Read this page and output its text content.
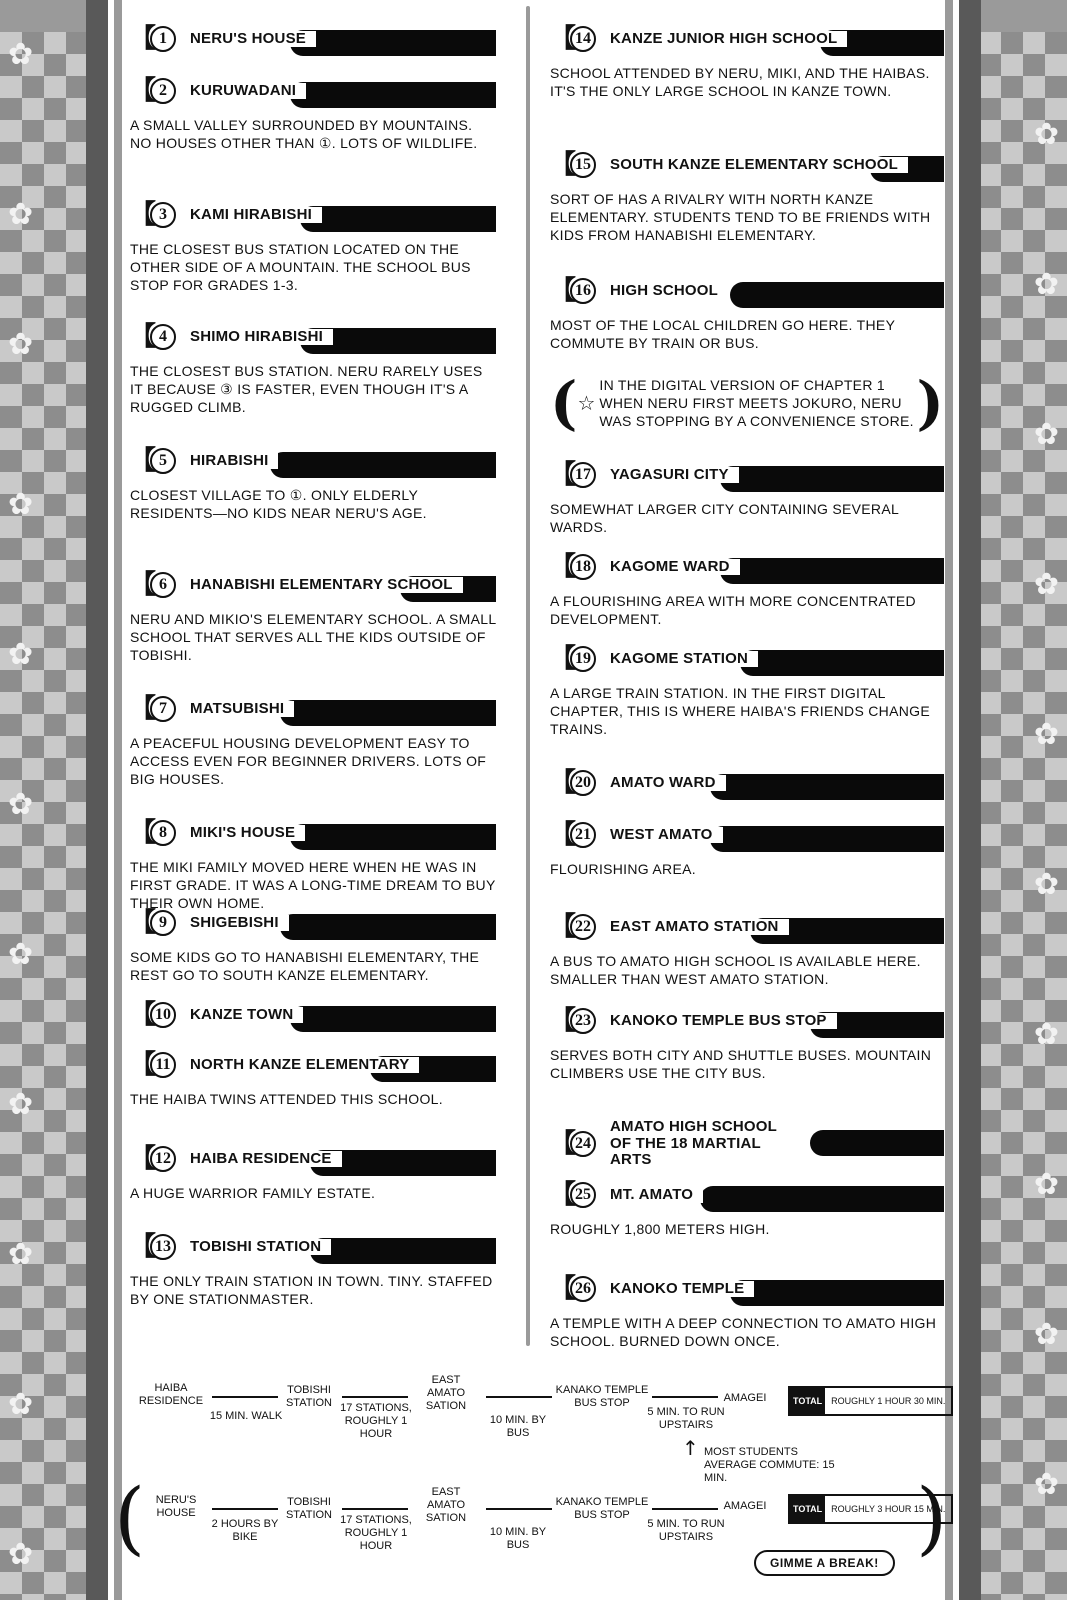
✿
✿
✿
✿
✿
✿
✿
✿
✿
✿
✿
✿
✿
✿
✿
✿
✿
✿
✿
✿
✿
【 1	NERU'S HOUSE
【 2	KURUWADANI
A SMALL VALLEY SURROUNDED BY MOUNTAINS. NO HOUSES OTHER THAN ①. LOTS OF WILDLIFE.
【 3	KAMI HIRABISHI
THE CLOSEST BUS STATION LOCATED ON THE OTHER SIDE OF A MOUNTAIN. THE SCHOOL BUS STOP FOR GRADES 1-3.
【 4	SHIMO HIRABISHI
THE CLOSEST BUS STATION. NERU RARELY USES IT BECAUSE ③ IS FASTER, EVEN THOUGH IT'S A RUGGED CLIMB.
【 5	HIRABISHI
CLOSEST VILLAGE TO ①. ONLY ELDERLY RESIDENTS—NO KIDS NEAR NERU'S AGE.
【 6	HANABISHI ELEMENTARY SCHOOL
NERU AND MIKIO'S ELEMENTARY SCHOOL. A SMALL SCHOOL THAT SERVES ALL THE KIDS OUTSIDE OF TOBISHI.
【 7	MATSUBISHI
A PEACEFUL HOUSING DEVELOPMENT EASY TO ACCESS EVEN FOR BEGINNER DRIVERS. LOTS OF BIG HOUSES.
【 8	MIKI'S HOUSE
THE MIKI FAMILY MOVED HERE WHEN HE WAS IN FIRST GRADE. IT WAS A LONG-TIME DREAM TO BUY THEIR OWN HOME.
【 9	SHIGEBISHI
SOME KIDS GO TO HANABISHI ELEMENTARY, THE REST GO TO SOUTH KANZE ELEMENTARY.
【
10	KANZE TOWN
【 11	NORTH KANZE ELEMENTARY
THE HAIBA TWINS ATTENDED THIS SCHOOL.
【
12	HAIBA RESIDENCE
A HUGE WARRIOR FAMILY ESTATE.
【
13	TOBISHI STATION
THE ONLY TRAIN STATION IN TOWN. TINY. STAFFED BY ONE STATIONMASTER.
【
14	KANZE JUNIOR HIGH SCHOOL
SCHOOL ATTENDED BY NERU, MIKI, AND THE HAIBAS. IT'S THE ONLY LARGE SCHOOL IN KANZE TOWN.
【
15	SOUTH KANZE ELEMENTARY SCHOOL
SORT OF HAS A RIVALRY WITH NORTH KANZE ELEMENTARY. STUDENTS TEND TO BE FRIENDS WITH KIDS FROM HANABISHI ELEMENTARY.
【
16	HIGH SCHOOL
MOST OF THE LOCAL CHILDREN GO HERE. THEY COMMUTE BY TRAIN OR BUS.
( ☆
IN THE DIGITAL VERSION OF CHAPTER 1 WHEN NERU FIRST MEETS JOKURO, NERU WAS STOPPING BY A CONVENIENCE STORE. )
【
17	YAGASURI CITY
SOMEWHAT LARGER CITY CONTAINING SEVERAL WARDS.
【
18	KAGOME WARD
A FLOURISHING AREA WITH MORE CONCENTRATED DEVELOPMENT.
【
19	KAGOME STATION
A LARGE TRAIN STATION. IN THE FIRST DIGITAL CHAPTER, THIS IS WHERE HAIBA'S FRIENDS CHANGE TRAINS.
【
20	AMATO WARD
【
21	WEST AMATO
FLOURISHING AREA.
【
22	EAST AMATO STATION
A BUS TO AMATO HIGH SCHOOL IS AVAILABLE HERE. SMALLER THAN WEST AMATO STATION.
【
23	KANOKO TEMPLE BUS STOP
SERVES BOTH CITY AND SHUTTLE BUSES. MOUNTAIN CLIMBERS USE THE CITY BUS.
【
24
AMATO HIGH SCHOOL OF THE 18 MARTIAL ARTS
【
25	MT. AMATO
ROUGHLY 1,800 METERS HIGH.
【
26	KANOKO TEMPLE
A TEMPLE WITH A DEEP CONNECTION TO AMATO HIGH SCHOOL. BURNED DOWN ONCE.
HAIBA RESIDENCE
15 MIN. WALK
TOBISHI STATION 17 STATIONS, ROUGHLY 1 HOUR
EAST AMATO SATION
10 MIN. BY BUS
KANAKO TEMPLE BUS STOP
5 MIN. TO RUN UPSTAIRS
AMAGEI	TOTAL	ROUGHLY 1 HOUR 30 MIN.
↑ MOST STUDENTS AVERAGE COMMUTE: 15 MIN.
(	)
NERU'S HOUSE
2 HOURS BY BIKE
TOBISHI STATION 17 STATIONS, ROUGHLY 1 HOUR
EAST AMATO SATION
10 MIN. BY BUS
KANAKO TEMPLE BUS STOP
5 MIN. TO RUN UPSTAIRS
AMAGEI	TOTAL	ROUGHLY 3 HOUR 15 MIN.
GIMME A BREAK!
